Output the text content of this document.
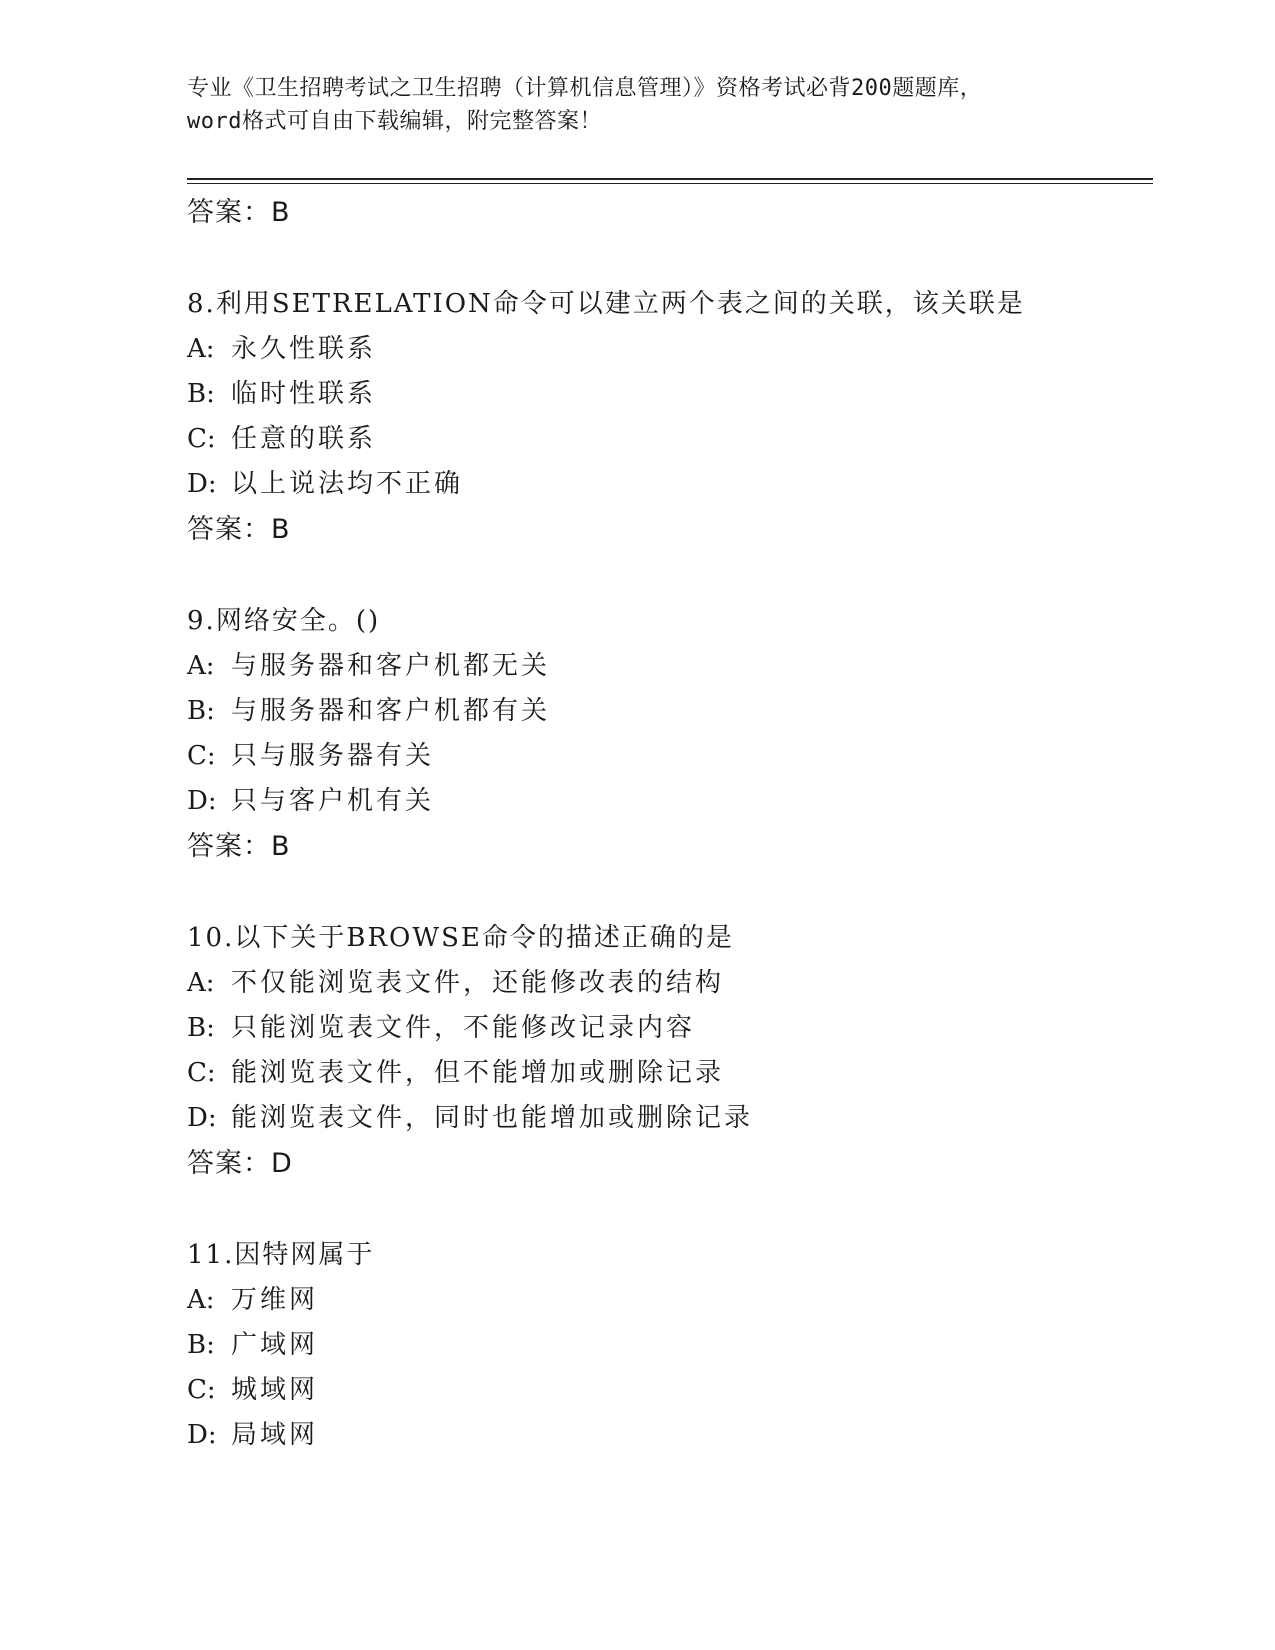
专业《卫生招聘考试之卫生招聘（计算机信息管理）》资格考试必背200题题库，
word格式可自由下载编辑，附完整答案！
答案：B
8.利用SETRELATION命令可以建立两个表之间的关联，该关联是
A: 永久性联系
B: 临时性联系
C: 任意的联系
D: 以上说法均不正确
答案：B
9.网络安全。()
A: 与服务器和客户机都无关
B: 与服务器和客户机都有关
C: 只与服务器有关
D: 只与客户机有关
答案：B
10.以下关于BROWSE命令的描述正确的是
A: 不仅能浏览表文件，还能修改表的结构
B: 只能浏览表文件，不能修改记录内容
C: 能浏览表文件，但不能增加或删除记录
D: 能浏览表文件，同时也能增加或删除记录
答案：D
11.因特网属于
A: 万维网
B: 广域网
C: 城域网
D: 局域网
